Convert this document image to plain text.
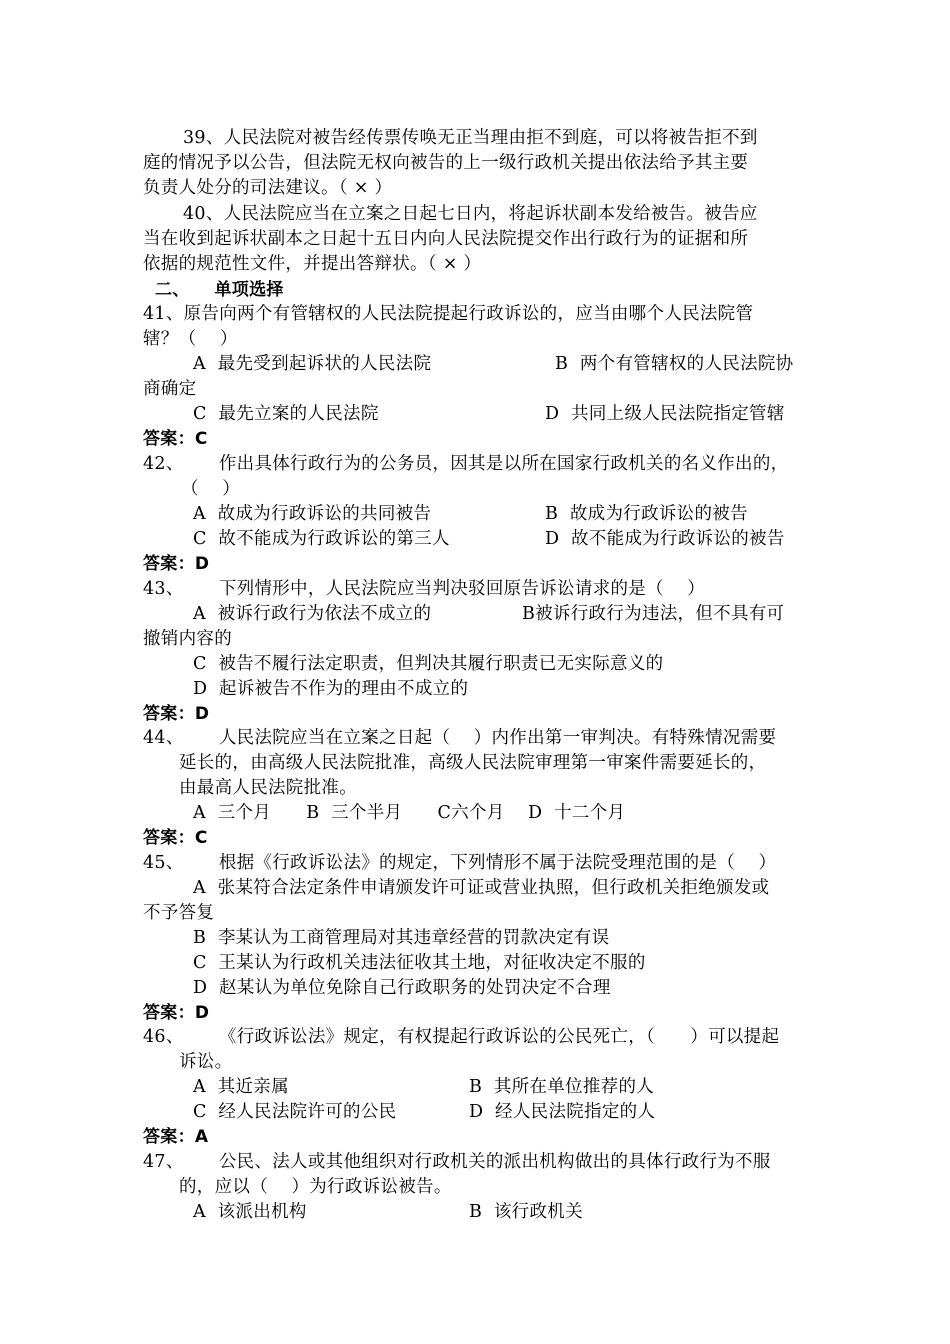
39、人民法院对被告经传票传唤无正当理由拒不到庭，可以将被告拒不到
庭的情况予以公告，但法院无权向被告的上一级行政机关提出依法给予其主要
负责人处分的司法建议。（ × ）
40、人民法院应当在立案之日起七日内，将起诉状副本发给被告。被告应
当在收到起诉状副本之日起十五日内向人民法院提交作出行政行为的证据和所
依据的规范性文件，并提出答辩状。（ × ）
二、    单项选择
41、原告向两个有管辖权的人民法院提起行政诉讼的，应当由哪个人民法院管
辖？（    ）
A  最先受到起诉状的人民法院	B  两个有管辖权的人民法院协
商确定
C  最先立案的人民法院	D  共同上级人民法院指定管辖
答案：C
42、      作出具体行政行为的公务员，因其是以所在国家行政机关的名义作出的，
（    ）
A  故成为行政诉讼的共同被告	B  故成为行政诉讼的被告
C  故不能成为行政诉讼的第三人	D  故不能成为行政诉讼的被告
答案：D
43、      下列情形中，人民法院应当判决驳回原告诉讼请求的是（    ）
A  被诉行政行为依法不成立的	B被诉行政行为违法，但不具有可
撤销内容的
C  被告不履行法定职责，但判决其履行职责已无实际意义的
D  起诉被告不作为的理由不成立的
答案：D
44、      人民法院应当在立案之日起（    ）内作出第一审判决。有特殊情况需要
延长的，由高级人民法院批准，高级人民法院审理第一审案件需要延长的，
由最高人民法院批准。
A  三个月      B  三个半月      C六个月    D  十二个月
答案：C
45、      根据《行政诉讼法》的规定，下列情形不属于法院受理范围的是（    ）
A  张某符合法定条件申请颁发许可证或营业执照，但行政机关拒绝颁发或
不予答复
B  李某认为工商管理局对其违章经营的罚款决定有误
C  王某认为行政机关违法征收其土地，对征收决定不服的
D  赵某认为单位免除自己行政职务的处罚决定不合理
答案：D
46、      《行政诉讼法》规定，有权提起行政诉讼的公民死亡，（      ）可以提起
诉讼。
A  其近亲属	B  其所在单位推荐的人
C  经人民法院许可的公民	D  经人民法院指定的人
答案：A
47、      公民、法人或其他组织对行政机关的派出机构做出的具体行政行为不服
的，应以（    ）为行政诉讼被告。
A  该派出机构	B  该行政机关
